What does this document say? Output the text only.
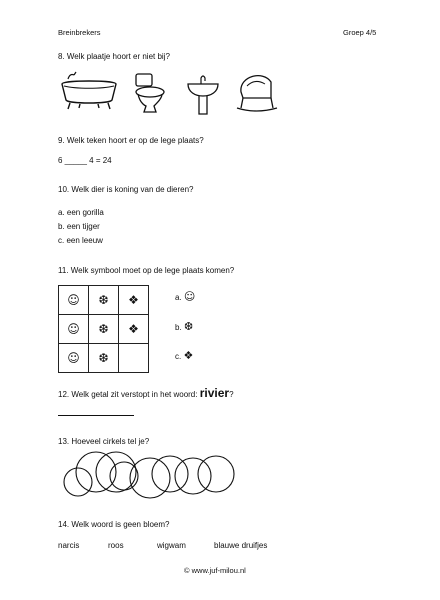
Breinbrekers	Groep 4/5
8. Welk plaatje hoort er niet bij?
9. Welk teken hoort er op de lege plaats?
6 _____ 4 = 24
10. Welk dier is koning van de dieren?
a. een gorilla
b. een tijger
c. een leeuw
11. Welk symbool moet op de lege plaats komen?
☺	❆	❖
☺	❆	❖
☺	❆	
a. ☺
b. ❆
c. ❖
12. Welk getal zit verstopt in het woord: rivier?
13. Hoeveel cirkels tel je?
14. Welk woord is geen bloem?
narcis	roos	wigwam	blauwe druifjes
© www.juf-milou.nl
